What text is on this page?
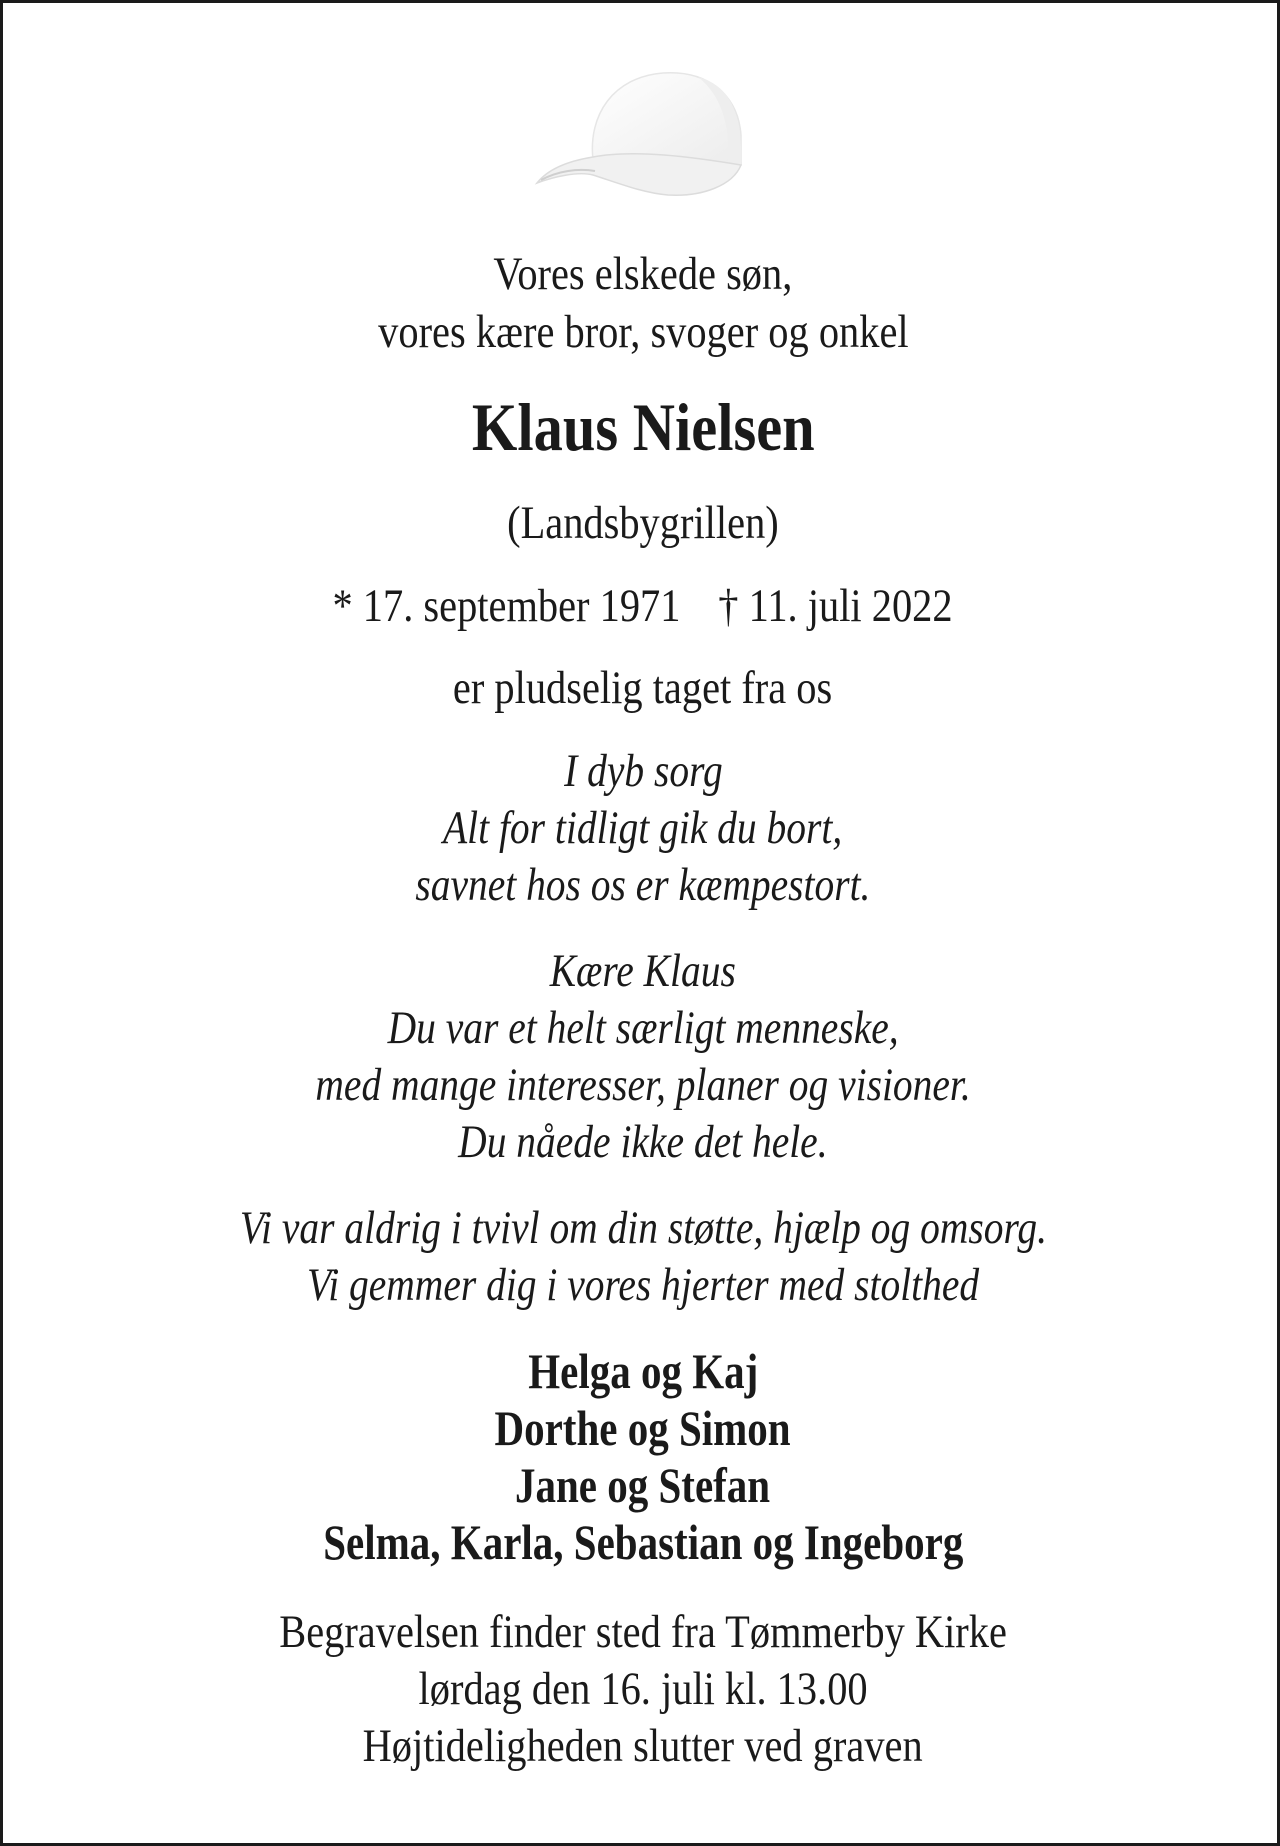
Vores elskede søn,
vores kære bror, svoger og onkel
Klaus Nielsen
(Landsbygrillen)
* 17. september 1971 † 11. juli 2022
er pludselig taget fra os
I dyb sorg
Alt for tidligt gik du bort,
savnet hos os er kæmpestort.
Kære Klaus
Du var et helt særligt menneske,
med mange interesser, planer og visioner.
Du nåede ikke det hele.
Vi var aldrig i tvivl om din støtte, hjælp og omsorg.
Vi gemmer dig i vores hjerter med stolthed
Helga og Kaj
Dorthe og Simon
Jane og Stefan
Selma, Karla, Sebastian og Ingeborg
Begravelsen finder sted fra Tømmerby Kirke
lørdag den 16. juli kl. 13.00
Højtideligheden slutter ved graven
